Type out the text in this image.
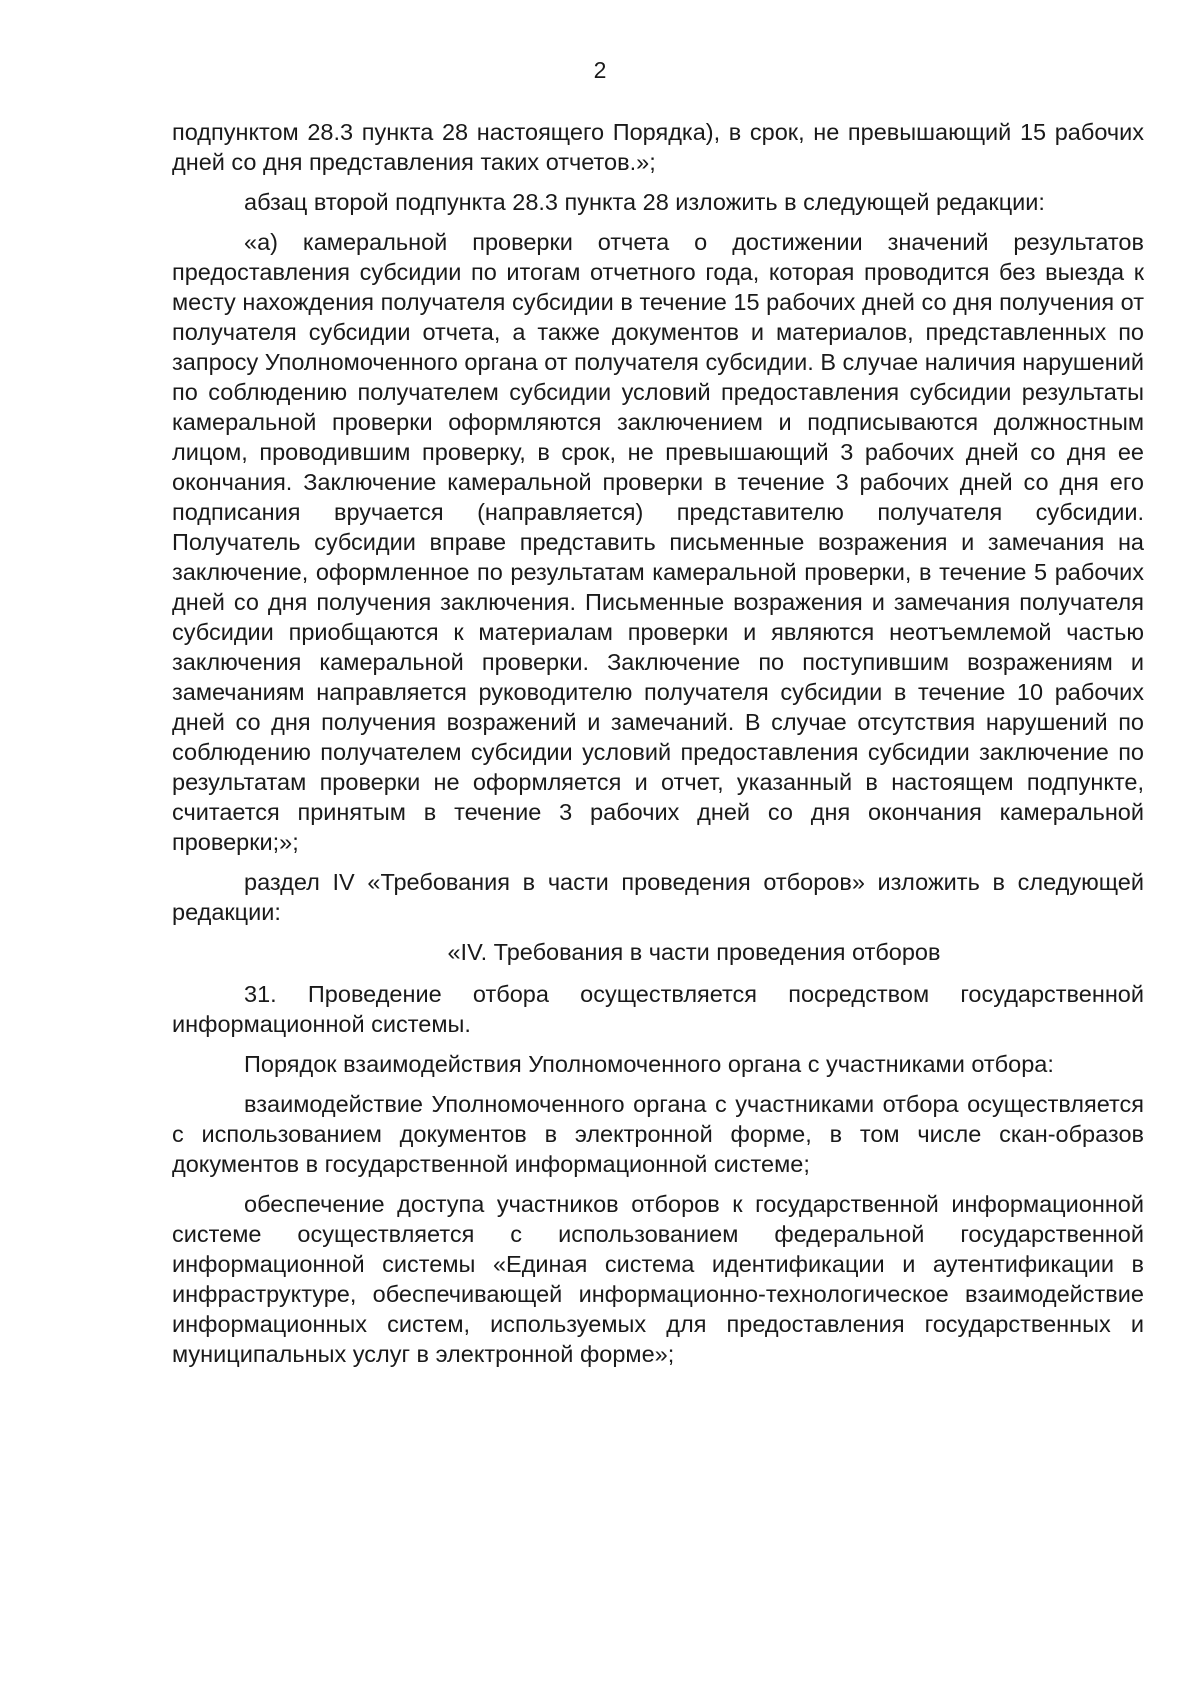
2

подпунктом 28.3 пункта 28 настоящего Порядка), в срок, не превышающий 15 рабочих дней со дня представления таких отчетов.»;

абзац второй подпункта 28.3 пункта 28 изложить в следующей редакции:

«а) камеральной проверки отчета о достижении значений результатов предоставления субсидии по итогам отчетного года, которая проводится без выезда к месту нахождения получателя субсидии в течение 15 рабочих дней со дня получения от получателя субсидии отчета, а также документов и материалов, представленных по запросу Уполномоченного органа от получателя субсидии. В случае наличия нарушений по соблюдению получателем субсидии условий предоставления субсидии результаты камеральной проверки оформляются заключением и подписываются должностным лицом, проводившим проверку, в срок, не превышающий 3 рабочих дней со дня ее окончания. Заключение камеральной проверки в течение 3 рабочих дней со дня его подписания вручается (направляется) представителю получателя субсидии. Получатель субсидии вправе представить письменные возражения и замечания на заключение, оформленное по результатам камеральной проверки, в течение 5 рабочих дней со дня получения заключения. Письменные возражения и замечания получателя субсидии приобщаются к материалам проверки и являются неотъемлемой частью заключения камеральной проверки. Заключение по поступившим возражениям и замечаниям направляется руководителю получателя субсидии в течение 10 рабочих дней со дня получения возражений и замечаний. В случае отсутствия нарушений по соблюдению получателем субсидии условий предоставления субсидии заключение по результатам проверки не оформляется и отчет, указанный в настоящем подпункте, считается принятым в течение 3 рабочих дней со дня окончания камеральной проверки;»;

раздел IV «Требования в части проведения отборов» изложить в следующей редакции:

«IV. Требования в части проведения отборов

31. Проведение отбора осуществляется посредством государственной информационной системы.

Порядок взаимодействия Уполномоченного органа с участниками отбора:

взаимодействие Уполномоченного органа с участниками отбора осуществляется с использованием документов в электронной форме, в том числе скан-образов документов в государственной информационной системе;

обеспечение доступа участников отборов к государственной информационной системе осуществляется с использованием федеральной государственной информационной системы «Единая система идентификации и аутентификации в инфраструктуре, обеспечивающей информационно-технологическое взаимодействие информационных систем, используемых для предоставления государственных и муниципальных услуг в электронной форме»;
